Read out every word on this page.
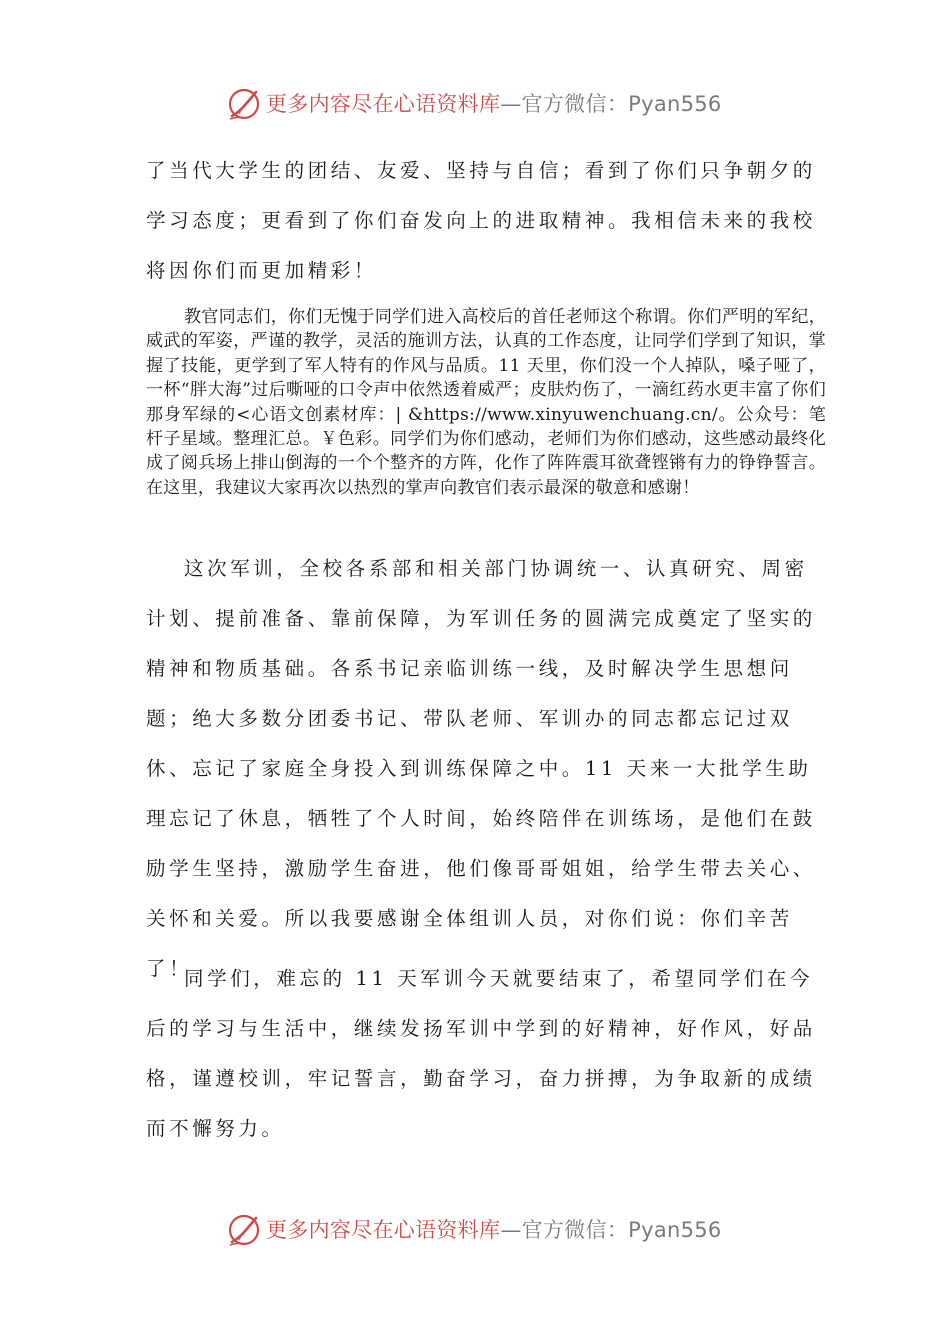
更多内容尽在心语资料库—官方微信：Pyan556

了当代大学生的团结、友爱、坚持与自信；看到了你们只争朝夕的学习态度；更看到了你们奋发向上的进取精神。我相信未来的我校将因你们而更加精彩！

教官同志们，你们无愧于同学们进入高校后的首任老师这个称谓。你们严明的军纪，威武的军姿，严谨的教学，灵活的施训方法，认真的工作态度，让同学们学到了知识，掌握了技能，更学到了军人特有的作风与品质。11 天里，你们没一个人掉队，嗓子哑了，一杯“胖大海”过后嘶哑的口令声中依然透着威严；皮肤灼伤了，一滴红药水更丰富了你们那身军绿的<心语文创素材库：| &https://www.xinyuwenchuang.cn/。公众号：笔杆子星域。整理汇总。￥色彩。同学们为你们感动，老师们为你们感动，这些感动最终化成了阅兵场上排山倒海的一个个整齐的方阵，化作了阵阵震耳欲聋铿锵有力的铮铮誓言。在这里，我建议大家再次以热烈的掌声向教官们表示最深的敬意和感谢！

这次军训，全校各系部和相关部门协调统一、认真研究、周密计划、提前准备、靠前保障，为军训任务的圆满完成奠定了坚实的精神和物质基础。各系书记亲临训练一线，及时解决学生思想问题；绝大多数分团委书记、带队老师、军训办的同志都忘记过双休、忘记了家庭全身投入到训练保障之中。11 天来一大批学生助理忘记了休息，牺牲了个人时间，始终陪伴在训练场，是他们在鼓励学生坚持，激励学生奋进，他们像哥哥姐姐，给学生带去关心、关怀和关爱。所以我要感谢全体组训人员，对你们说：你们辛苦了！

同学们，难忘的 11 天军训今天就要结束了，希望同学们在今后的学习与生活中，继续发扬军训中学到的好精神，好作风，好品格，谨遵校训，牢记誓言，勤奋学习，奋力拼搏，为争取新的成绩而不懈努力。

更多内容尽在心语资料库—官方微信：Pyan556
